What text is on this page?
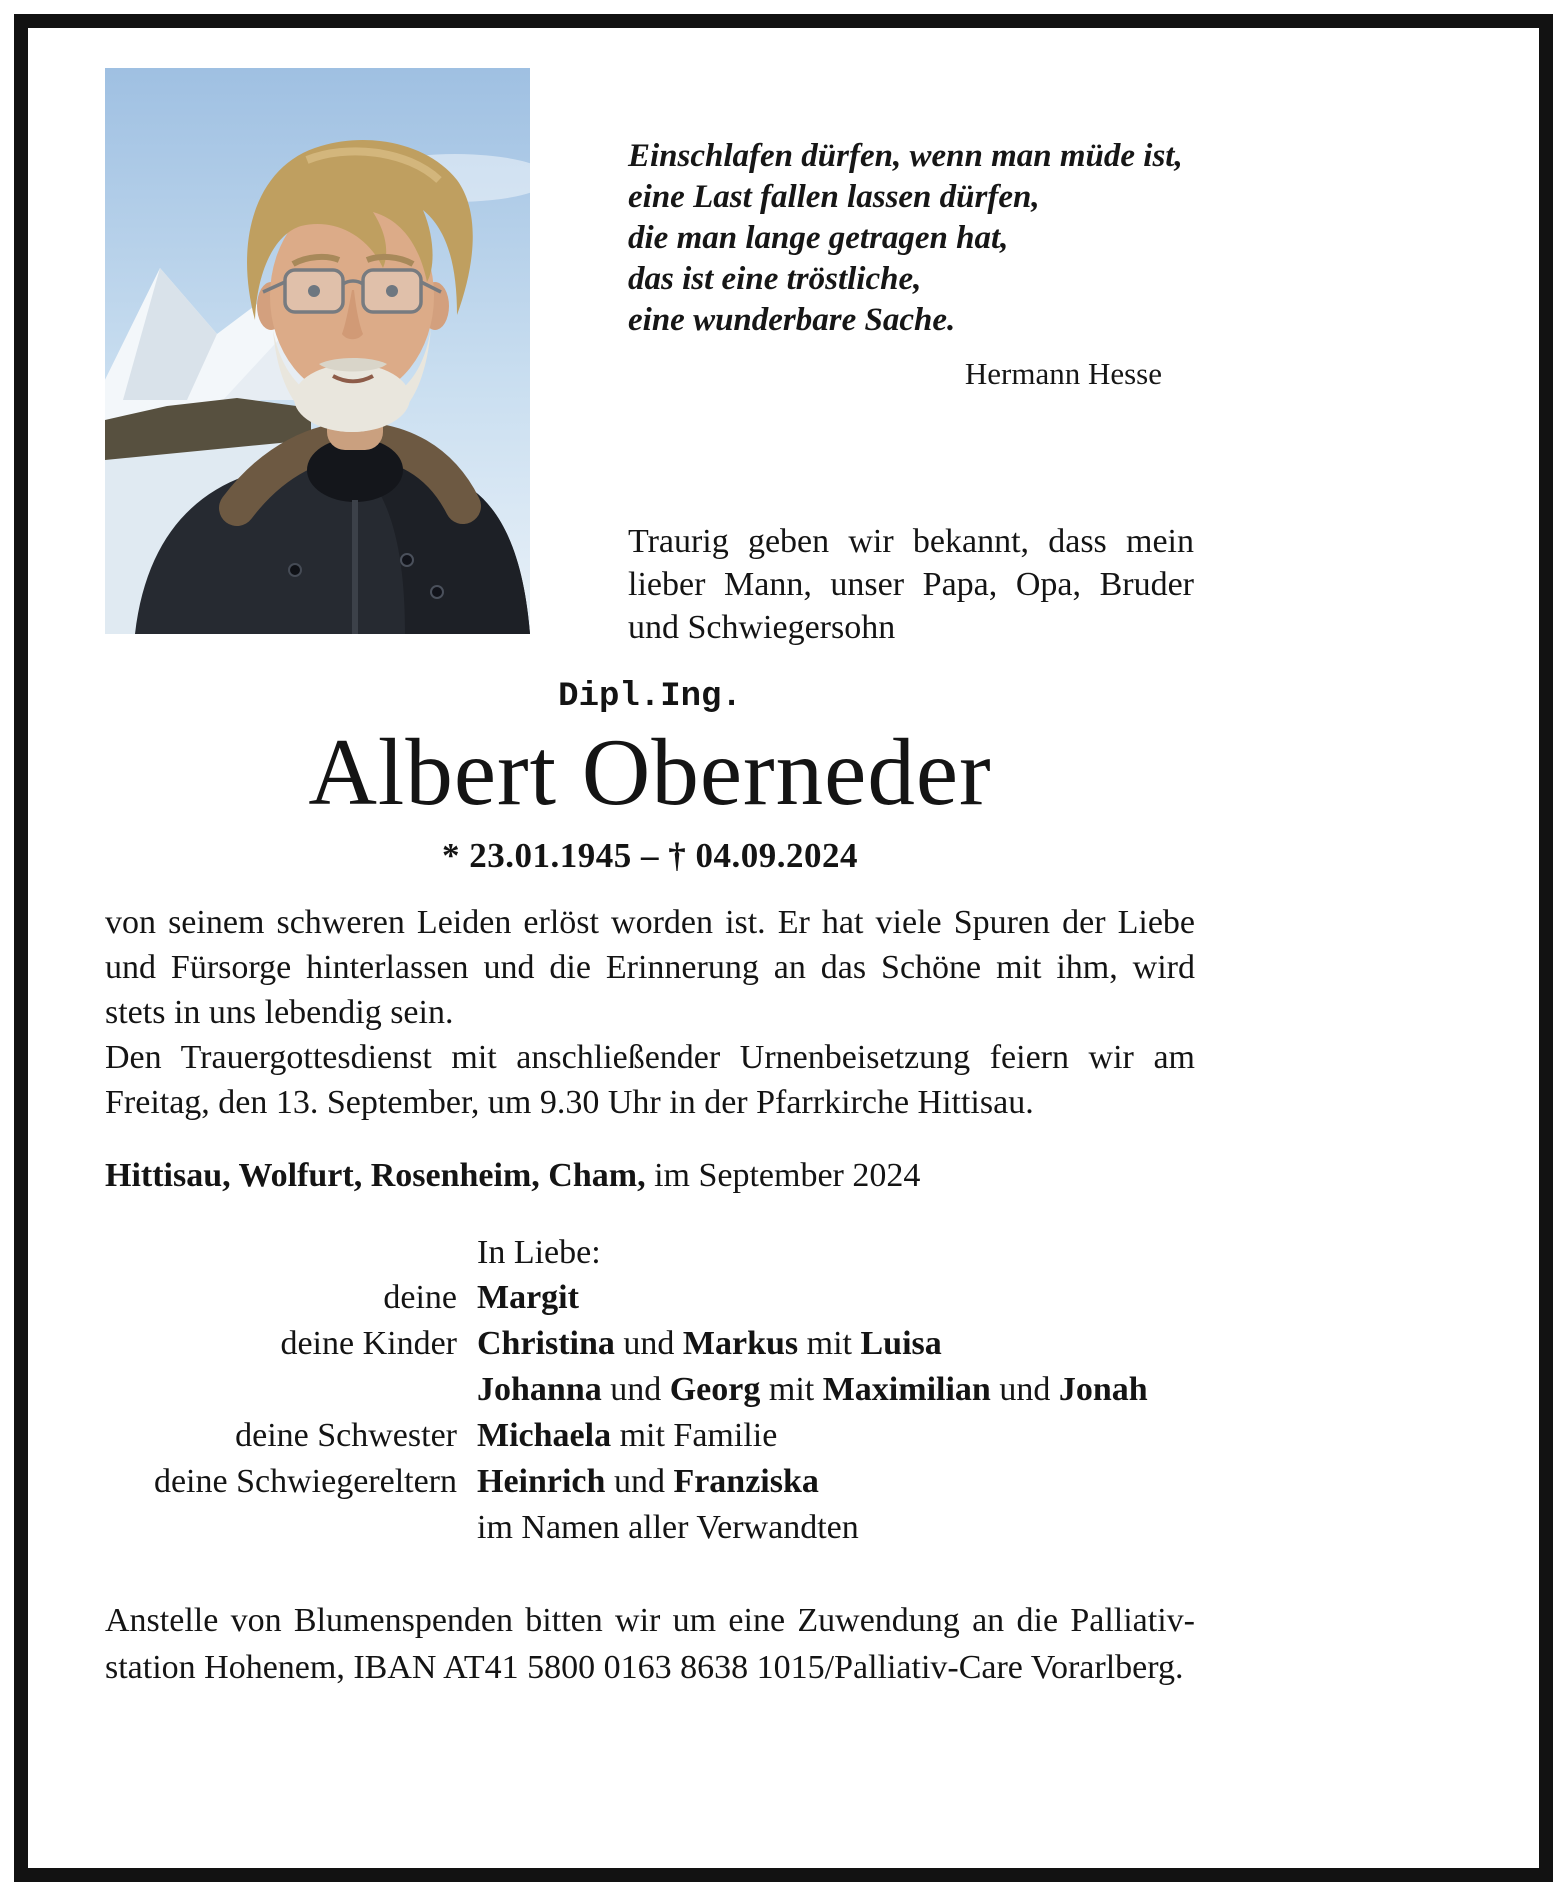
Einschlafen dürfen, wenn man müde ist,
eine Last fallen lassen dürfen,
die man lange getragen hat,
das ist eine tröstliche,
eine wunderbare Sache.
Hermann Hesse
Traurig geben wir bekannt, dass mein
lieber Mann, unser Papa, Opa, Bruder
und Schwiegersohn
Dipl.Ing.
Albert Oberneder
* 23.01.1945 – † 04.09.2024
von seinem schweren Leiden erlöst worden ist. Er hat viele Spuren der Liebe
und Fürsorge hinterlassen und die Erinnerung an das Schöne mit ihm, wird
stets in uns lebendig sein.
Den Trauergottesdienst mit anschließender Urnenbeisetzung feiern wir am
Freitag, den 13. September, um 9.30 Uhr in der Pfarrkirche Hittisau.
Hittisau, Wolfurt, Rosenheim, Cham, im September 2024
In Liebe:
deine Margit
deine Kinder Christina und Markus mit Luisa
Johanna und Georg mit Maximilian und Jonah
deine Schwester Michaela mit Familie
deine Schwiegereltern Heinrich und Franziska
im Namen aller Verwandten
Anstelle von Blumenspenden bitten wir um eine Zuwendung an die Palliativ-
station Hohenem, IBAN AT41 5800 0163 8638 1015/Palliativ-Care Vorarlberg.
